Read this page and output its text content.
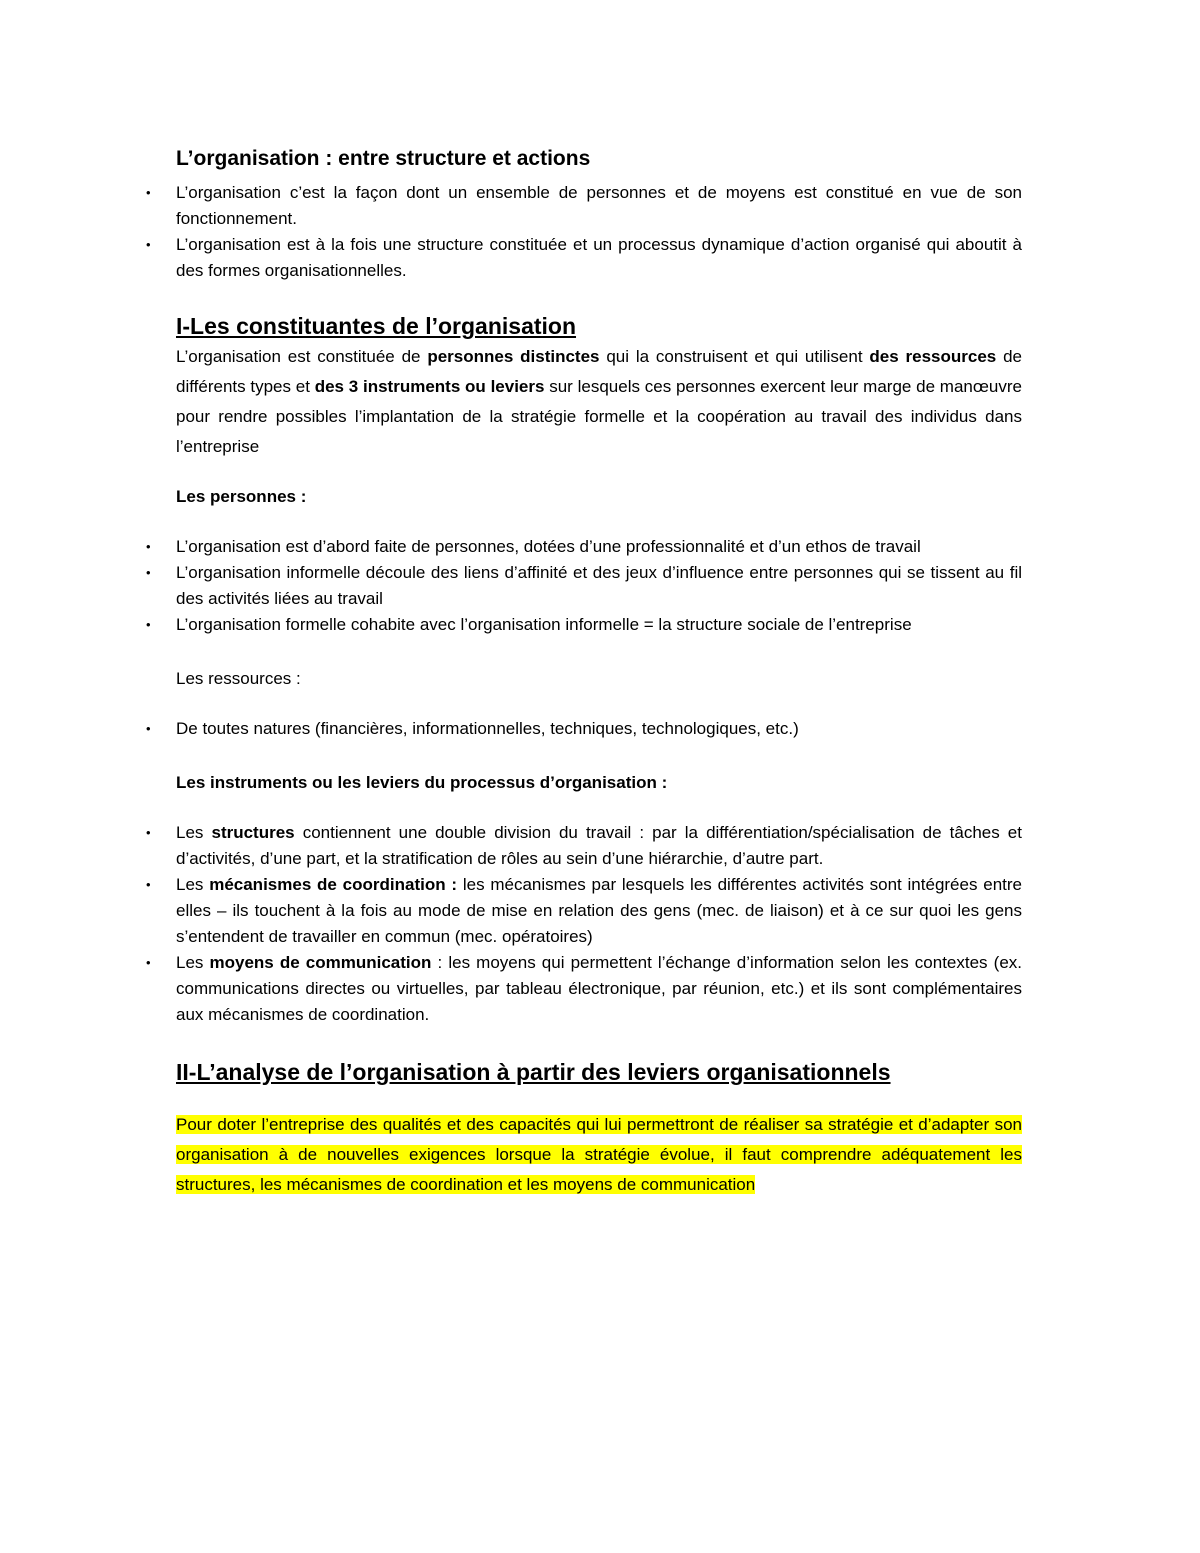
L’organisation : entre structure et actions
• L’organisation c’est la façon dont un ensemble de personnes et de moyens est constitué en vue de son fonctionnement.
• L’organisation est à la fois une structure constituée et un processus dynamique d’action organisé qui aboutit à des formes organisationnelles.
I-Les constituantes de l’organisation

L’organisation est constituée de personnes distinctes qui la construisent et qui utilisent des ressources de différents types et des 3 instruments ou leviers sur lesquels ces personnes exercent leur marge de manœuvre pour rendre possibles l’implantation de la stratégie formelle et la coopération au travail des individus dans l’entreprise

Les personnes :

• L’organisation est d’abord faite de personnes, dotées d’une professionnalité et d’un ethos de travail
• L’organisation informelle découle des liens d’affinité et des jeux d’influence entre personnes qui se tissent au fil des activités liées au travail
• L’organisation formelle cohabite avec l’organisation informelle = la structure sociale de l’entreprise

Les ressources :

• De toutes natures (financières, informationnelles, techniques, technologiques, etc.)

Les instruments ou les leviers du processus d’organisation :

• Les structures contiennent une double division du travail : par la différentiation/spécialisation de tâches et d’activités, d’une part, et la stratification de rôles au sein d’une hiérarchie, d’autre part.
• Les mécanismes de coordination : les mécanismes par lesquels les différentes activités sont intégrées entre elles – ils touchent à la fois au mode de mise en relation des gens (mec. de liaison) et à ce sur quoi les gens s’entendent de travailler en commun (mec. opératoires)
• Les moyens de communication : les moyens qui permettent l’échange d’information selon les contextes (ex. communications directes ou virtuelles, par tableau électronique, par réunion, etc.) et ils sont complémentaires aux mécanismes de coordination.
II-L’analyse de l’organisation à partir des leviers organisationnels

Pour doter l’entreprise des qualités et des capacités qui lui permettront de réaliser sa stratégie et d’adapter son organisation à de nouvelles exigences lorsque la stratégie évolue, il faut comprendre adéquatement les structures, les mécanismes de coordination et les moyens de communication
